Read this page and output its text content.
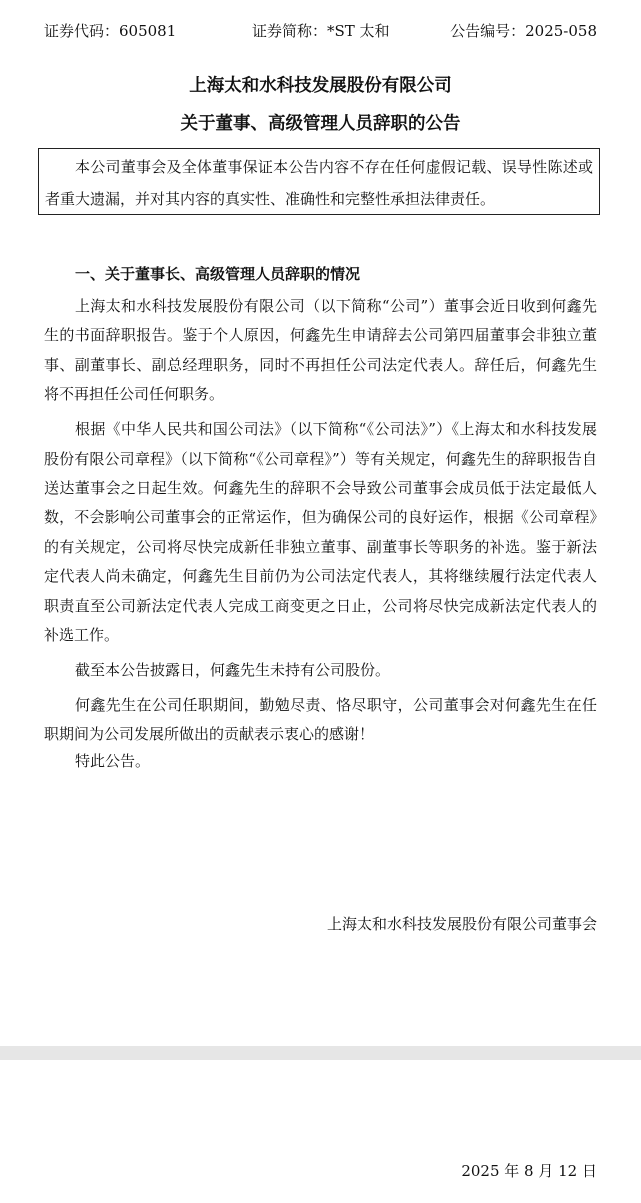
证券代码：605081	证券简称：*ST 太和	公告编号：2025-058
上海太和水科技发展股份有限公司
关于董事、高级管理人员辞职的公告

本公司董事会及全体董事保证本公告内容不存在任何虚假记载、误导性陈述或者重大遗漏，并对其内容的真实性、准确性和完整性承担法律责任。

一、关于董事长、高级管理人员辞职的情况

上海太和水科技发展股份有限公司（以下简称“公司”）董事会近日收到何鑫先生的书面辞职报告。鉴于个人原因，何鑫先生申请辞去公司第四届董事会非独立董事、副董事长、副总经理职务，同时不再担任公司法定代表人。辞任后，何鑫先生将不再担任公司任何职务。

根据《中华人民共和国公司法》（以下简称“《公司法》”）《上海太和水科技发展股份有限公司章程》（以下简称“《公司章程》”）等有关规定，何鑫先生的辞职报告自送达董事会之日起生效。何鑫先生的辞职不会导致公司董事会成员低于法定最低人数，不会影响公司董事会的正常运作，但为确保公司的良好运作，根据《公司章程》的有关规定，公司将尽快完成新任非独立董事、副董事长等职务的补选。鉴于新法定代表人尚未确定，何鑫先生目前仍为公司法定代表人，其将继续履行法定代表人职责直至公司新法定代表人完成工商变更之日止，公司将尽快完成新法定代表人的补选工作。

截至本公告披露日，何鑫先生未持有公司股份。

何鑫先生在公司任职期间，勤勉尽责、恪尽职守，公司董事会对何鑫先生在任职期间为公司发展所做出的贡献表示衷心的感谢！

特此公告。

上海太和水科技发展股份有限公司董事会
2025 年 8 月 12 日
